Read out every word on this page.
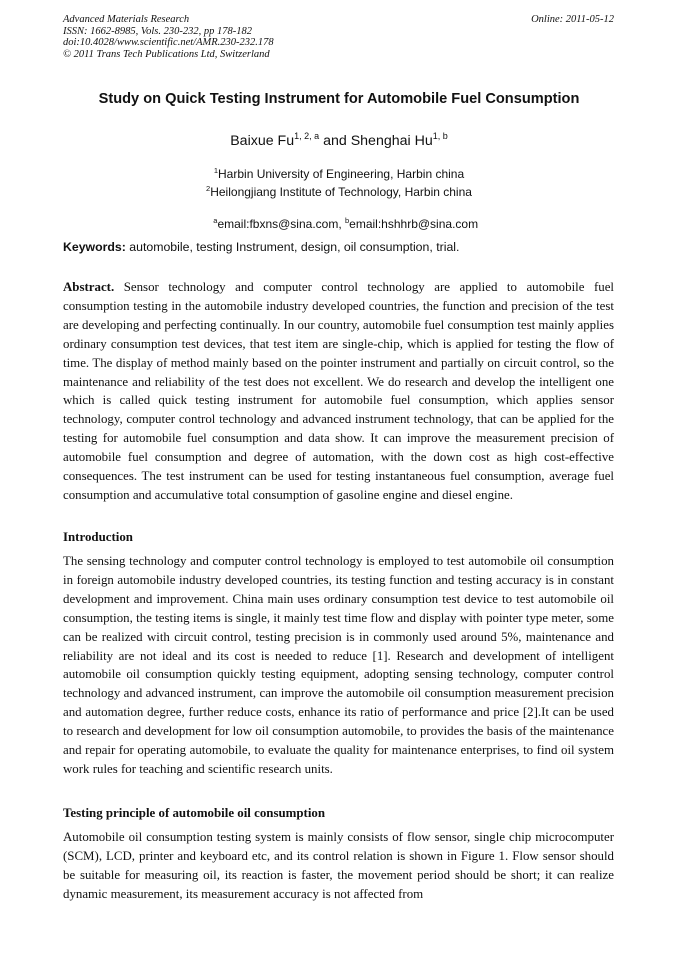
Advanced Materials Research
ISSN: 1662-8985, Vols. 230-232, pp 178-182
doi:10.4028/www.scientific.net/AMR.230-232.178
© 2011 Trans Tech Publications Ltd, Switzerland
Online: 2011-05-12
Study on Quick Testing Instrument for Automobile Fuel Consumption
Baixue Fu$^{1, 2, a}$ and Shenghai Hu$^{1, b}$
$^1$Harbin University of Engineering, Harbin china
$^2$Heilongjiang Institute of Technology, Harbin china

$^a$email:fbxns@sina.com, $^b$email:hshhrb@sina.com

Keywords: automobile, testing Instrument, design, oil consumption, trial.

Abstract. Sensor technology and computer control technology are applied to automobile fuel consumption testing in the automobile industry developed countries, the function and precision of the test are developing and perfecting continually. In our country, automobile fuel consumption test mainly applies ordinary consumption test devices, that test item are single-chip, which is applied for testing the flow of time. The display of method mainly based on the pointer instrument and partially on circuit control, so the maintenance and reliability of the test does not excellent. We do research and develop the intelligent one which is called quick testing instrument for automobile fuel consumption, which applies sensor technology, computer control technology and advanced instrument technology, that can be applied for the testing for automobile fuel consumption and data show. It can improve the measurement precision of automobile fuel consumption and degree of automation, with the down cost as high cost-effective consequences. The test instrument can be used for testing instantaneous fuel consumption, average fuel consumption and accumulative total consumption of gasoline engine and diesel engine.

Introduction

The sensing technology and computer control technology is employed to test automobile oil consumption in foreign automobile industry developed countries, its testing function and testing accuracy is in constant development and improvement. China main uses ordinary consumption test device to test automobile oil consumption, the testing items is single, it mainly test time flow and display with pointer type meter, some can be realized with circuit control, testing precision is in commonly used around 5%, maintenance and reliability are not ideal and its cost is needed to reduce [1]. Research and development of intelligent automobile oil consumption quickly testing equipment, adopting sensing technology, computer control technology and advanced instrument, can improve the automobile oil consumption measurement precision and automation degree, further reduce costs, enhance its ratio of performance and price [2].It can be used to research and development for low oil consumption automobile, to provides the basis of the maintenance and repair for operating automobile, to evaluate the quality for maintenance enterprises, to find oil system work rules for teaching and scientific research units.

Testing principle of automobile oil consumption

Automobile oil consumption testing system is mainly consists of flow sensor, single chip microcomputer (SCM), LCD, printer and keyboard etc, and its control relation is shown in Figure 1. Flow sensor should be suitable for measuring oil, its reaction is faster, the movement period should be short; it can realize dynamic measurement, its measurement accuracy is not affected from
